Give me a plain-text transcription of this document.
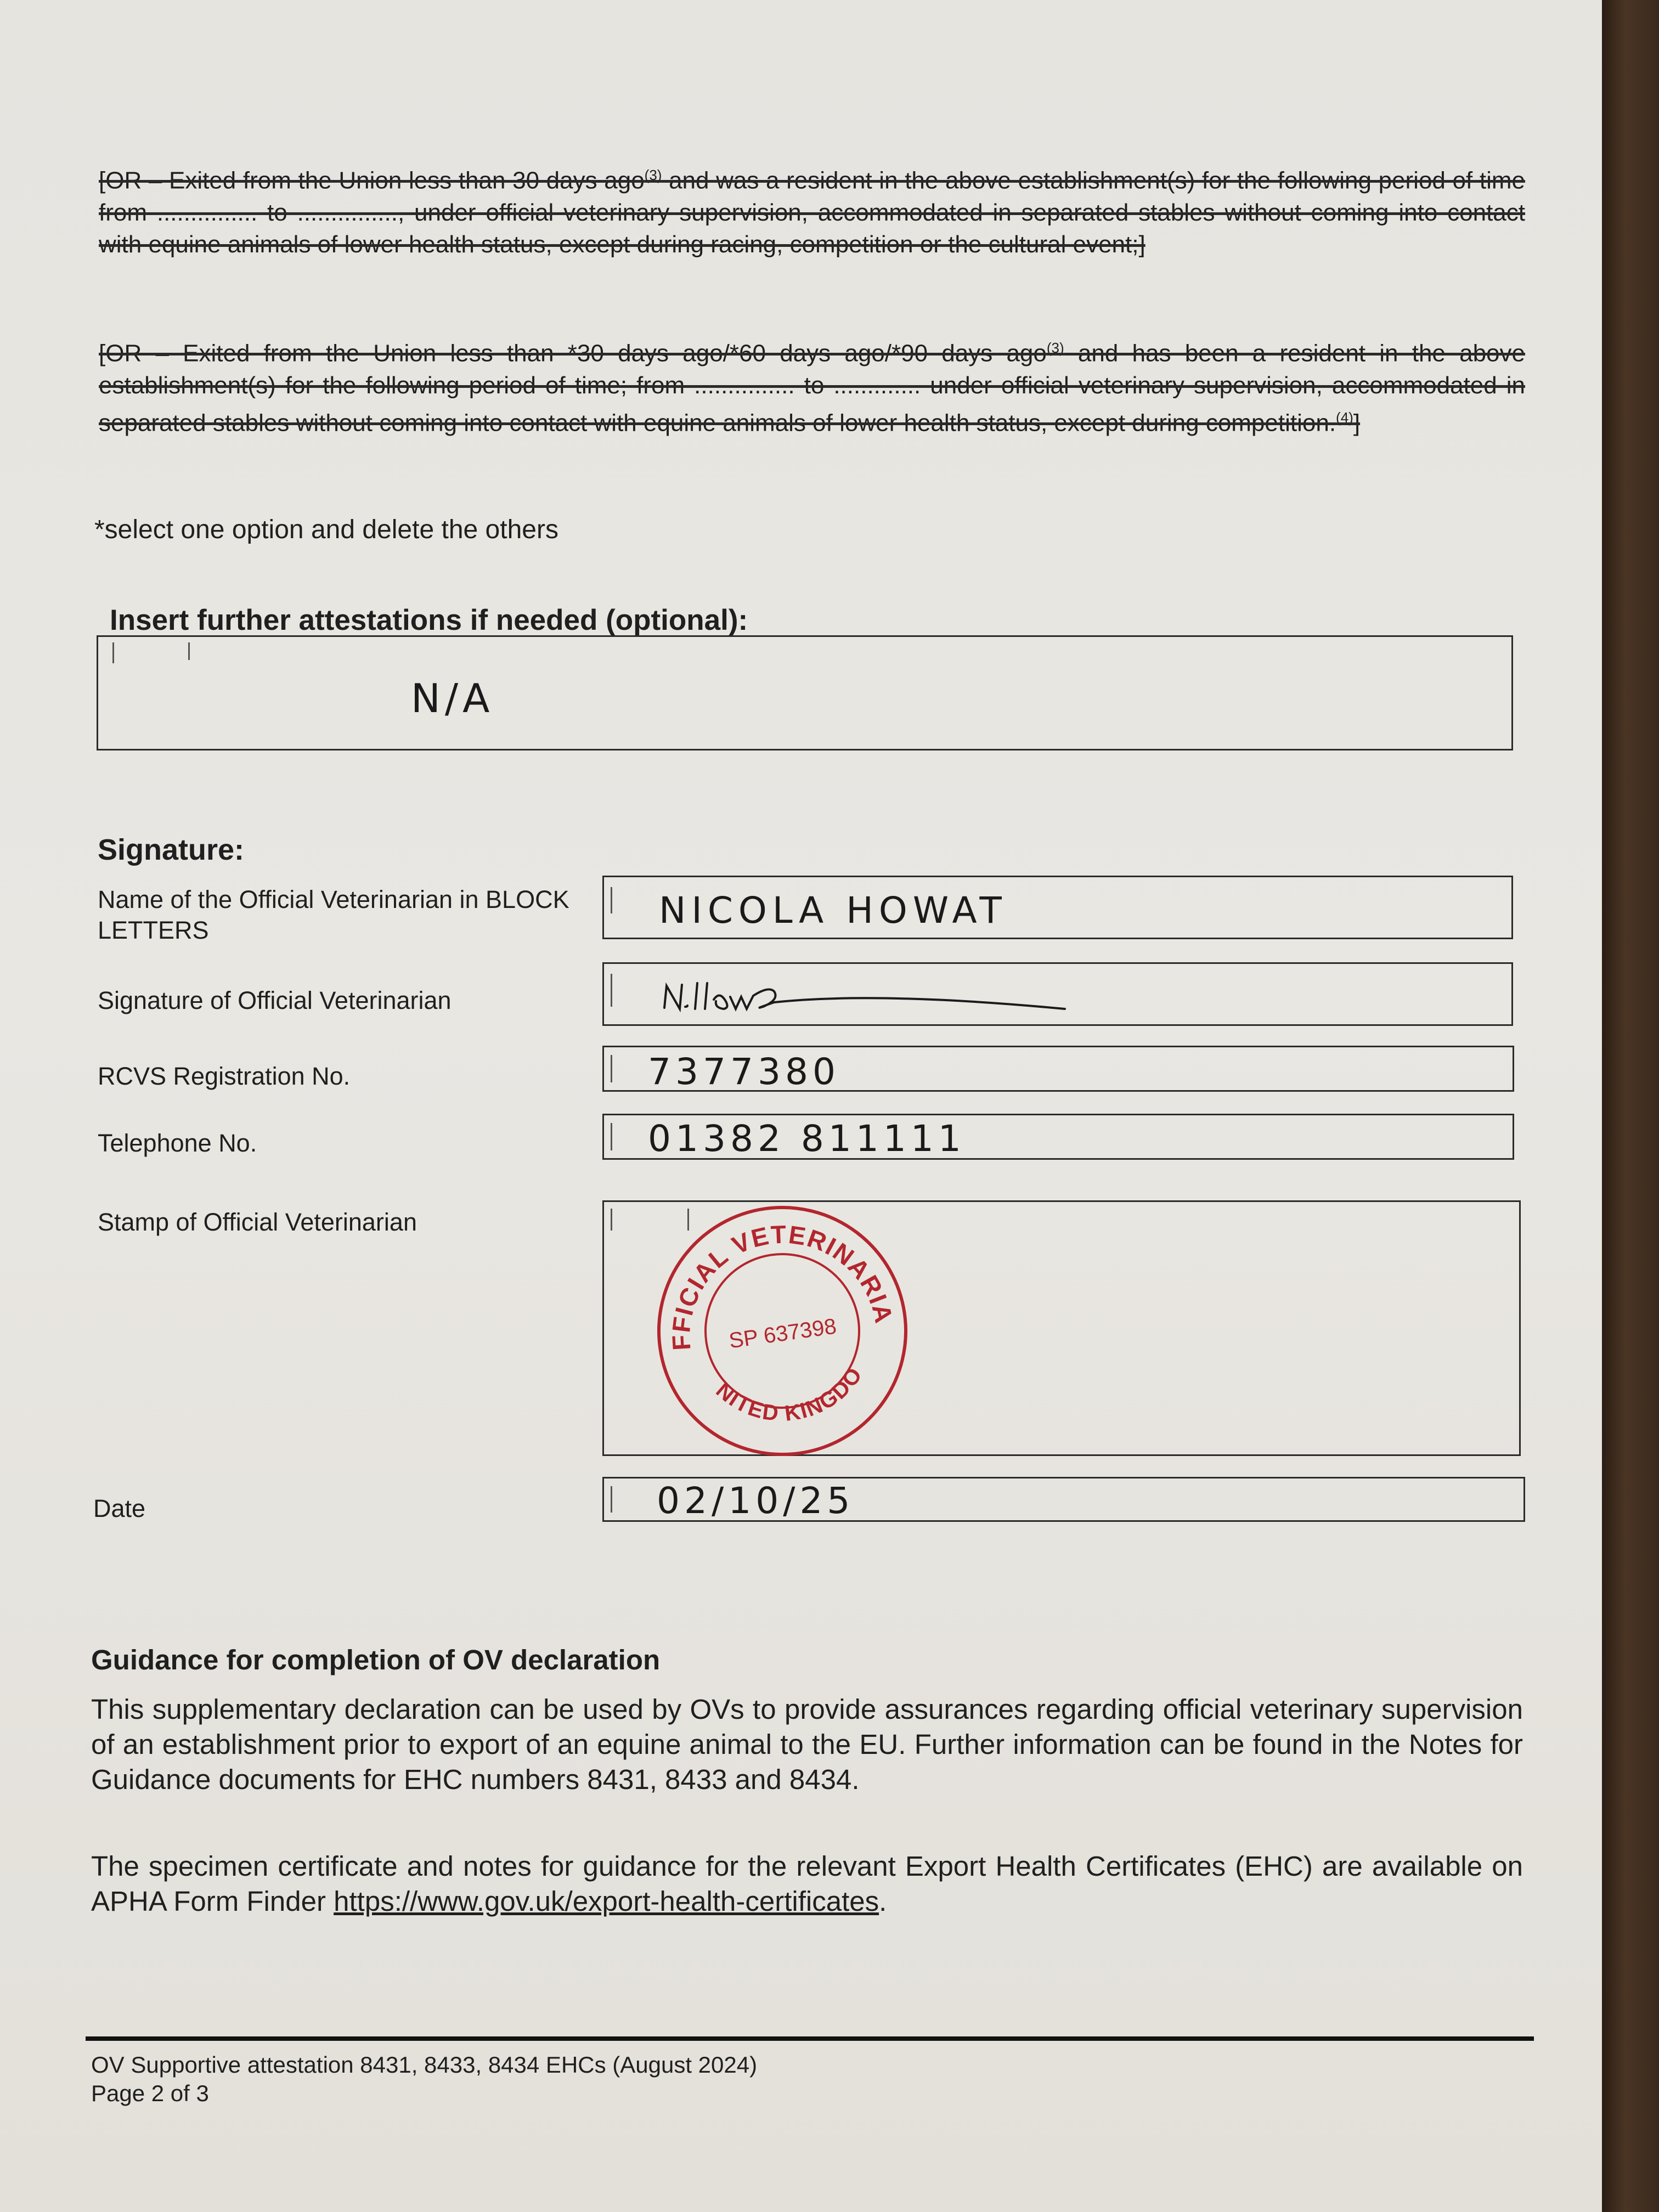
[OR – Exited from the Union less than 30 days ago$^{(3)}$ and was a resident in the above establishment(s) for the following period of time from ............... to ..............., under official veterinary supervision, accommodated in separated stables without coming into contact with equine animals of lower health status, except during racing, competition or the cultural event;]
[OR – Exited from the Union less than *30 days ago/*60 days ago/*90 days ago$^{(3)}$ and has been a resident in the above establishment(s) for the following period of time; from ............... to ............. under official veterinary supervision, accommodated in separated stables without coming into contact with equine animals of lower health status, except during competition.$^{(4)}$]
*select one option and delete the others
Insert further attestations if needed (optional):
N/A
Signature:
Name of the Official Veterinarian in BLOCK LETTERS	NICOLA HOWAT
Signature of Official Veterinarian
RCVS Registration No.	7377380
Telephone No.	01382 811111
Stamp of Official Veterinarian	OFFICIAL VETERINARIAN
UNITED KINGDOM
SP 637398
Date	02/10/25
Guidance for completion of OV declaration
This supplementary declaration can be used by OVs to provide assurances regarding official veterinary supervision of an establishment prior to export of an equine animal to the EU. Further information can be found in the Notes for Guidance documents for EHC numbers 8431, 8433 and 8434.
The specimen certificate and notes for guidance for the relevant Export Health Certificates (EHC) are available on APHA Form Finder https://www.gov.uk/export-health-certificates.
OV Supportive attestation 8431, 8433, 8434 EHCs (August 2024)
Page 2 of 3
